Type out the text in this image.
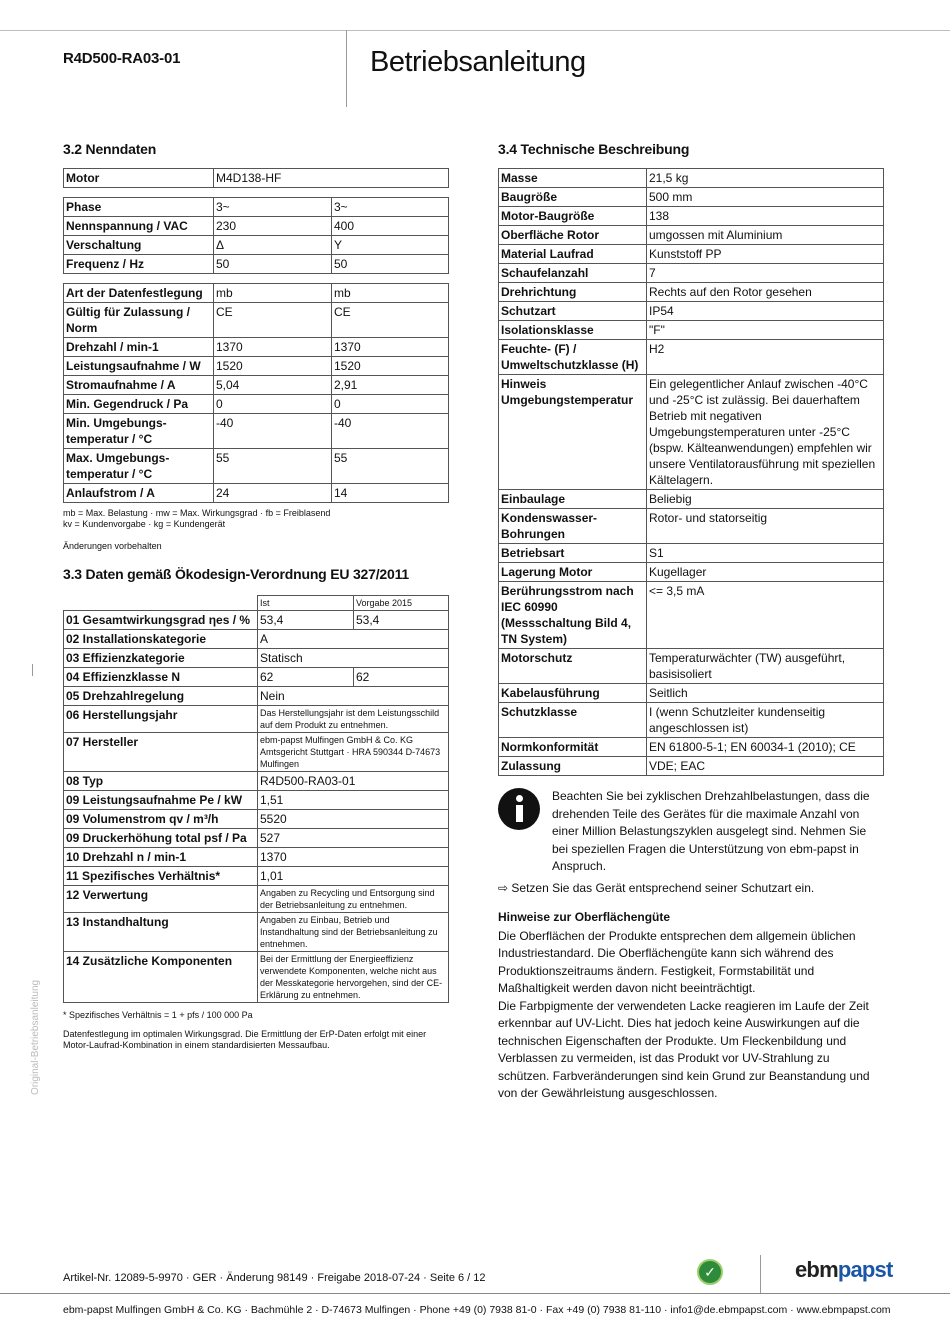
R4D500-RA03-01	Betriebsanleitung
Original-Betriebsanleitung
3.2 Nenndaten
Motor	M4D138-HF
Phase	3~	3~
Nennspannung / VAC	230	400
Verschaltung	Δ	Y
Frequenz / Hz	50	50
Art der Datenfestlegung	mb	mb
Gültig für Zulassung / Norm	CE	CE
Drehzahl / min-1	1370	1370
Leistungsaufnahme / W	1520	1520
Stromaufnahme / A	5,04	2,91
Min. Gegendruck / Pa	0	0
Min. Umgebungs-temperatur / °C	-40	-40
Max. Umgebungs-temperatur / °C	55	55
Anlaufstrom / A	24	14
mb = Max. Belastung · mw = Max. Wirkungsgrad · fb = Freiblasend
kv = Kundenvorgabe · kg = Kundengerät
Änderungen vorbehalten
3.3 Daten gemäß Ökodesign-Verordnung EU 327/2011
	Ist	Vorgabe 2015
01 Gesamtwirkungsgrad ηes / %	53,4	53,4
02 Installationskategorie	A	
03 Effizienzkategorie	Statisch	
04 Effizienzklasse N	62	62
05 Drehzahlregelung	Nein	
06 Herstellungsjahr	Das Herstellungsjahr ist dem Leistungsschild auf dem Produkt zu entnehmen.	
07 Hersteller	ebm-papst Mulfingen GmbH & Co. KG Amtsgericht Stuttgart · HRA 590344 D-74673 Mulfingen	
08 Typ	R4D500-RA03-01	
09 Leistungsaufnahme Pe / kW	1,51	
09 Volumenstrom qv / m³/h	5520	
09 Druckerhöhung total psf / Pa	527	
10 Drehzahl n / min-1	1370	
11 Spezifisches Verhältnis*	1,01	
12 Verwertung	Angaben zu Recycling und Entsorgung sind der Betriebsanleitung zu entnehmen.	
13 Instandhaltung	Angaben zu Einbau, Betrieb und Instandhaltung sind der Betriebsanleitung zu entnehmen.	
14 Zusätzliche Komponenten	Bei der Ermittlung der Energieeffizienz verwendete Komponenten, welche nicht aus der Messkategorie hervorgehen, sind der CE-Erklärung zu entnehmen.	
* Spezifisches Verhältnis = 1 + pfs / 100 000 Pa
Datenfestlegung im optimalen Wirkungsgrad. Die Ermittlung der ErP-Daten erfolgt mit einer Motor-Laufrad-Kombination in einem standardisierten Messaufbau.
3.4 Technische Beschreibung
Masse	21,5 kg
Baugröße	500 mm
Motor-Baugröße	138
Oberfläche Rotor	umgossen mit Aluminium
Material Laufrad	Kunststoff PP
Schaufelanzahl	7
Drehrichtung	Rechts auf den Rotor gesehen
Schutzart	IP54
Isolationsklasse	"F"
Feuchte- (F) / Umweltschutzklasse (H)	H2
Hinweis Umgebungstemperatur	Ein gelegentlicher Anlauf zwischen -40°C und -25°C ist zulässig. Bei dauerhaftem Betrieb mit negativen Umgebungstemperaturen unter -25°C (bspw. Kälteanwendungen) empfehlen wir unsere Ventilatorausführung mit speziellen Kältelagern.
Einbaulage	Beliebig
Kondenswasser-Bohrungen	Rotor- und statorseitig
Betriebsart	S1
Lagerung Motor	Kugellager
Berührungsstrom nach IEC 60990 (Messschaltung Bild 4, TN System)	<= 3,5 mA
Motorschutz	Temperaturwächter (TW) ausgeführt, basisisoliert
Kabelausführung	Seitlich
Schutzklasse	I (wenn Schutzleiter kundenseitig angeschlossen ist)
Normkonformität	EN 61800-5-1; EN 60034-1 (2010); CE
Zulassung	VDE; EAC
Beachten Sie bei zyklischen Drehzahlbelastungen, dass die drehenden Teile des Gerätes für die maximale Anzahl von einer Million Belastungszyklen ausgelegt sind. Nehmen Sie bei speziellen Fragen die Unterstützung von ebm-papst in Anspruch.
⇨ Setzen Sie das Gerät entsprechend seiner Schutzart ein.
Hinweise zur Oberflächengüte
Die Oberflächen der Produkte entsprechen dem allgemein üblichen Industriestandard. Die Oberflächengüte kann sich während des Produktionszeitraums ändern. Festigkeit, Formstabilität und Maßhaltigkeit werden davon nicht beeinträchtigt.
Die Farbpigmente der verwendeten Lacke reagieren im Laufe der Zeit erkennbar auf UV-Licht. Dies hat jedoch keine Auswirkungen auf die technischen Eigenschaften der Produkte. Um Fleckenbildung und Verblassen zu vermeiden, ist das Produkt vor UV-Strahlung zu schützen. Farbveränderungen sind kein Grund zur Beanstandung und von der Gewährleistung ausgeschlossen.
Artikel-Nr. 12089-5-9970 · GER · Änderung 98149 · Freigabe 2018-07-24 · Seite 6 / 12	✓	ebmpapst
ebm-papst Mulfingen GmbH & Co. KG · Bachmühle 2 · D-74673 Mulfingen · Phone +49 (0) 7938 81-0 · Fax +49 (0) 7938 81-110 · info1@de.ebmpapst.com · www.ebmpapst.com
